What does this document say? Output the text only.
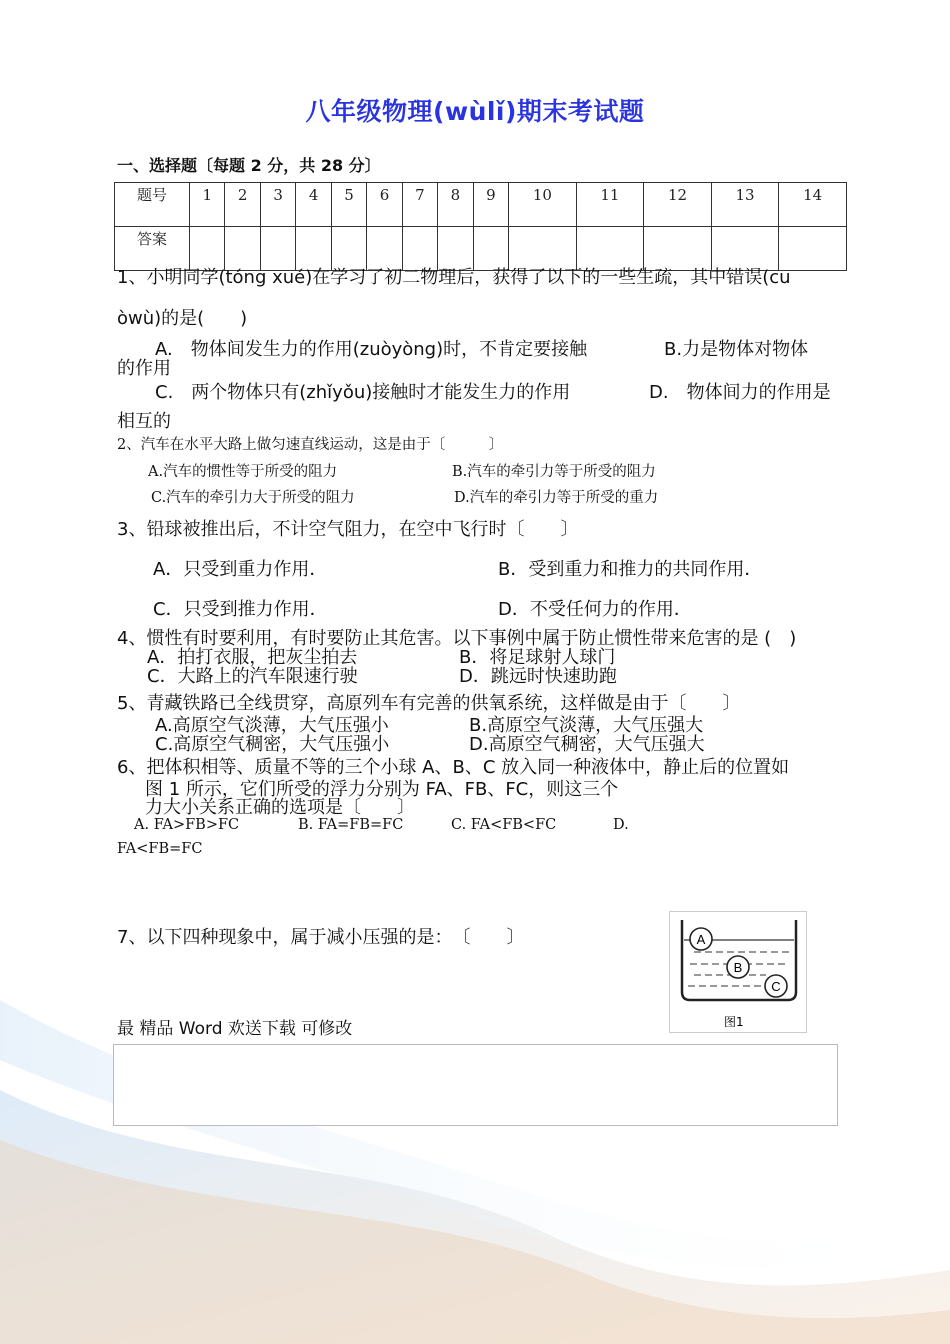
八年级物理(wùlǐ)期末考试题
一、选择题〔每题 2 分，共 28 分〕
题号	1	2	3	4	5	6	7	8	9	10	11	12	13	14
答案														
1、小明同学(tóng xué)在学习了初二物理后，获得了以下的一些生疏，其中错误(cu
òwù)的是(　　)
A.　物体间发生力的作用(zuòyòng)时，不肯定要接触	B.力是物体对物体
的作用
C.　两个物体只有(zhǐyǒu)接触时才能发生力的作用	D.　物体间力的作用是
相互的
2、汽车在水平大路上做匀速直线运动，这是由于〔　　　〕
A.汽车的惯性等于所受的阻力	B.汽车的牵引力等于所受的阻力
C.汽车的牵引力大于所受的阻力	D.汽车的牵引力等于所受的重力
3、铅球被推出后，不计空气阻力，在空中飞行时〔　　〕
A．只受到重力作用．	B．受到重力和推力的共同作用．
C．只受到推力作用．	D．不受任何力的作用．
4、惯性有时要利用，有时要防止其危害。以下事例中属于防止惯性带来危害的是 (　)
A．拍打衣服，把灰尘拍去	B．将足球射人球门
C．大路上的汽车限速行驶	D．跳远时快速助跑
5、青藏铁路已全线贯穿，高原列车有完善的供氧系统，这样做是由于〔　　〕
A.高原空气淡薄，大气压强小	B.高原空气淡薄，大气压强大
C.高原空气稠密，大气压强小	D.高原空气稠密，大气压强大
6、把体积相等、质量不等的三个小球 A、B、C 放入同一种液体中，静止后的位置如
图 1 所示，它们所受的浮力分别为 FA、FB、FC，则这三个
力大小关系正确的选项是〔　　〕
A. FA>FB>FC	B. FA=FB=FC	C. FA<FB<FC	D.
FA<FB=FC
7、以下四种现象中，属于减小压强的是：　〔　　〕	A
B
C
图1
最 精品 Word 欢送下载 可修改
